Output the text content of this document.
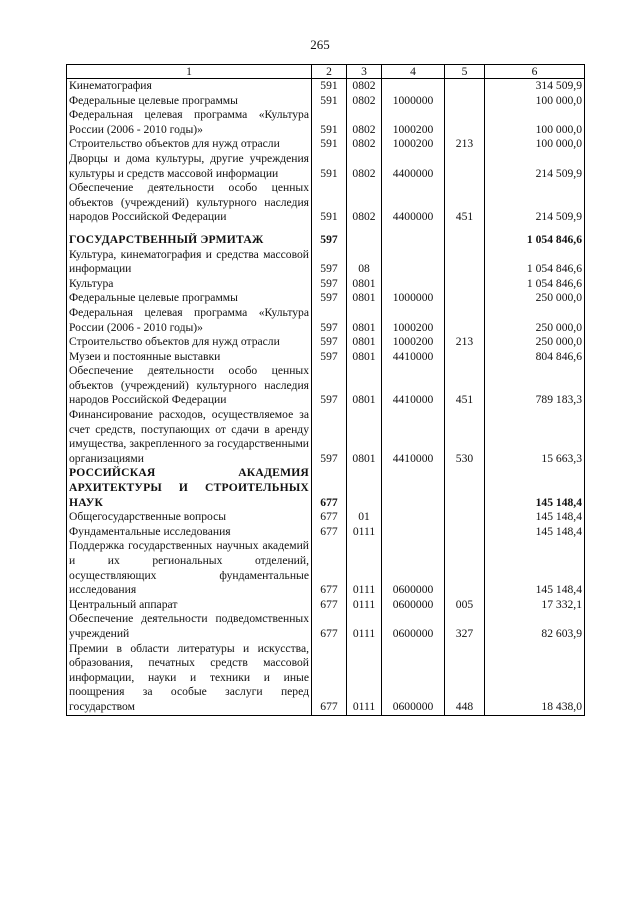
265
1	2	3	4	5	6
Кинематография	591	0802			314 509,9
Федеральные целевые программы	591	0802	1000000		100 000,0
Федеральная целевая программа «Культура России (2006 - 2010 годы)»	591	0802	1000200		100 000,0
Строительство объектов для нужд отрасли	591	0802	1000200	213	100 000,0
Дворцы и дома культуры, другие учреждения культуры и средств массовой информации	591	0802	4400000		214 509,9
Обеспечение деятельности особо ценных объектов (учреждений) культурного наследия народов Российской Федерации	591	0802	4400000	451	214 509,9

ГОСУДАРСТВЕННЫЙ ЭРМИТАЖ	597				1 054 846,6
Культура, кинематография и средства массовой информации	597	08			1 054 846,6
Культура	597	0801			1 054 846,6
Федеральные целевые программы	597	0801	1000000		250 000,0
Федеральная целевая программа «Культура России (2006 - 2010 годы)»	597	0801	1000200		250 000,0
Строительство объектов для нужд отрасли	597	0801	1000200	213	250 000,0
Музеи и постоянные выставки	597	0801	4410000		804 846,6
Обеспечение деятельности особо ценных объектов (учреждений) культурного наследия народов Российской Федерации	597	0801	4410000	451	789 183,3
Финансирование расходов, осуществляемое за счет средств, поступающих от сдачи в аренду имущества, закрепленного за государственными организациями	597	0801	4410000	530	15 663,3
РОССИЙСКАЯ АКАДЕМИЯ АРХИТЕКТУРЫ И СТРОИТЕЛЬНЫХ НАУК	677				145 148,4
Общегосударственные вопросы	677	01			145 148,4
Фундаментальные исследования	677	0111			145 148,4
Поддержка государственных научных академий и их региональных отделений, осуществляющих фундаментальные исследования	677	0111	0600000		145 148,4
Центральный аппарат	677	0111	0600000	005	17 332,1
Обеспечение деятельности подведомственных учреждений	677	0111	0600000	327	82 603,9
Премии в области литературы и искусства, образования, печатных средств массовой информации, науки и техники и иные поощрения за особые заслуги перед государством	677	0111	0600000	448	18 438,0
